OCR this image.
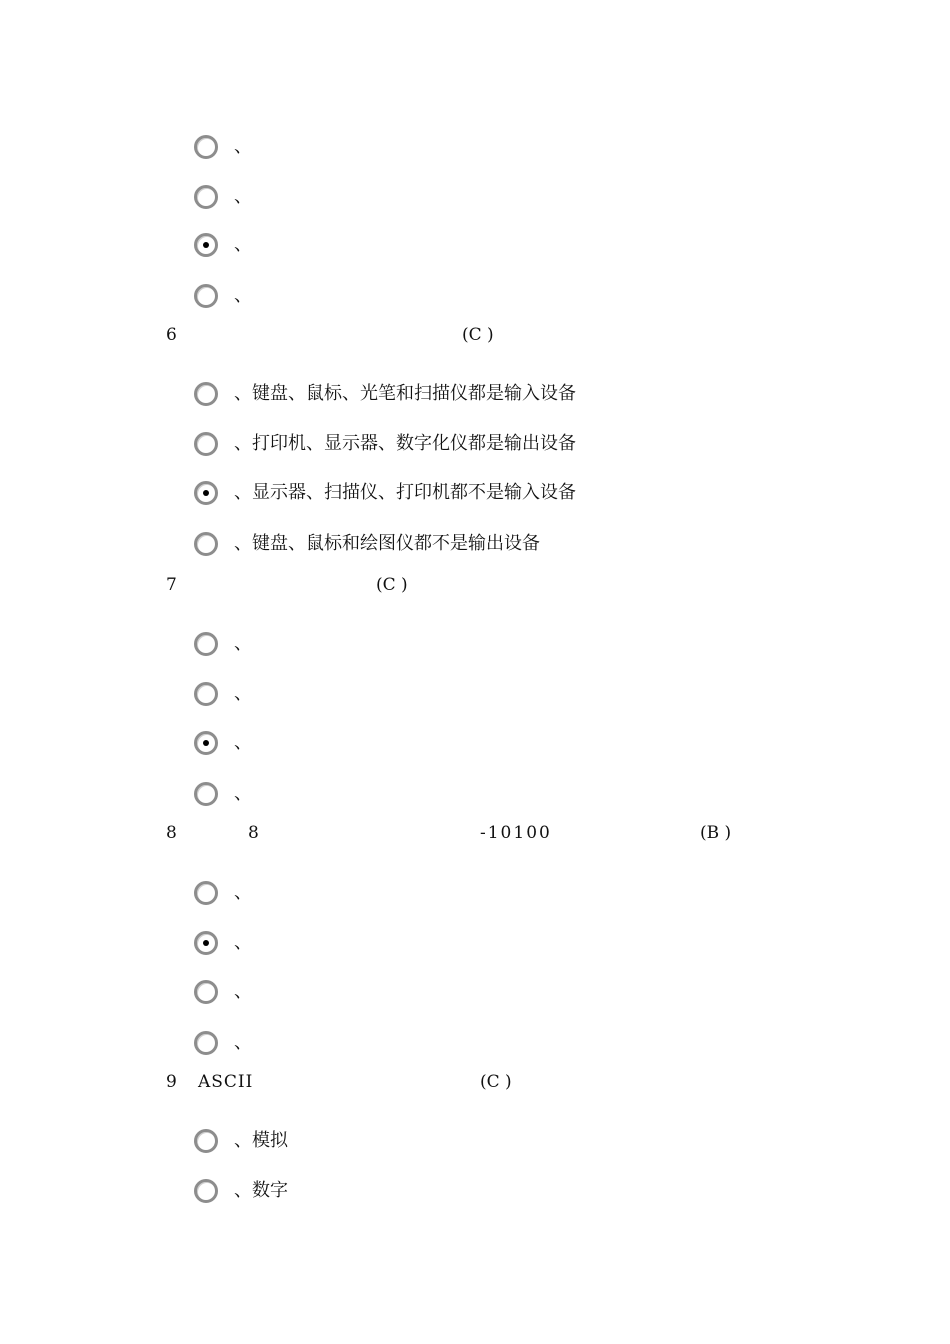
、
、
、
、
6	(C )
、键盘、鼠标、光笔和扫描仪都是输入设备
、打印机、显示器、数字化仪都是输出设备
、显示器、扫描仪、打印机都不是输入设备
、键盘、鼠标和绘图仪都不是输出设备
7	(C )
、
、
、
、
8	8	-10100	(B )
、
、
、
、
9 ASCII	(C )
、模拟
、数字
